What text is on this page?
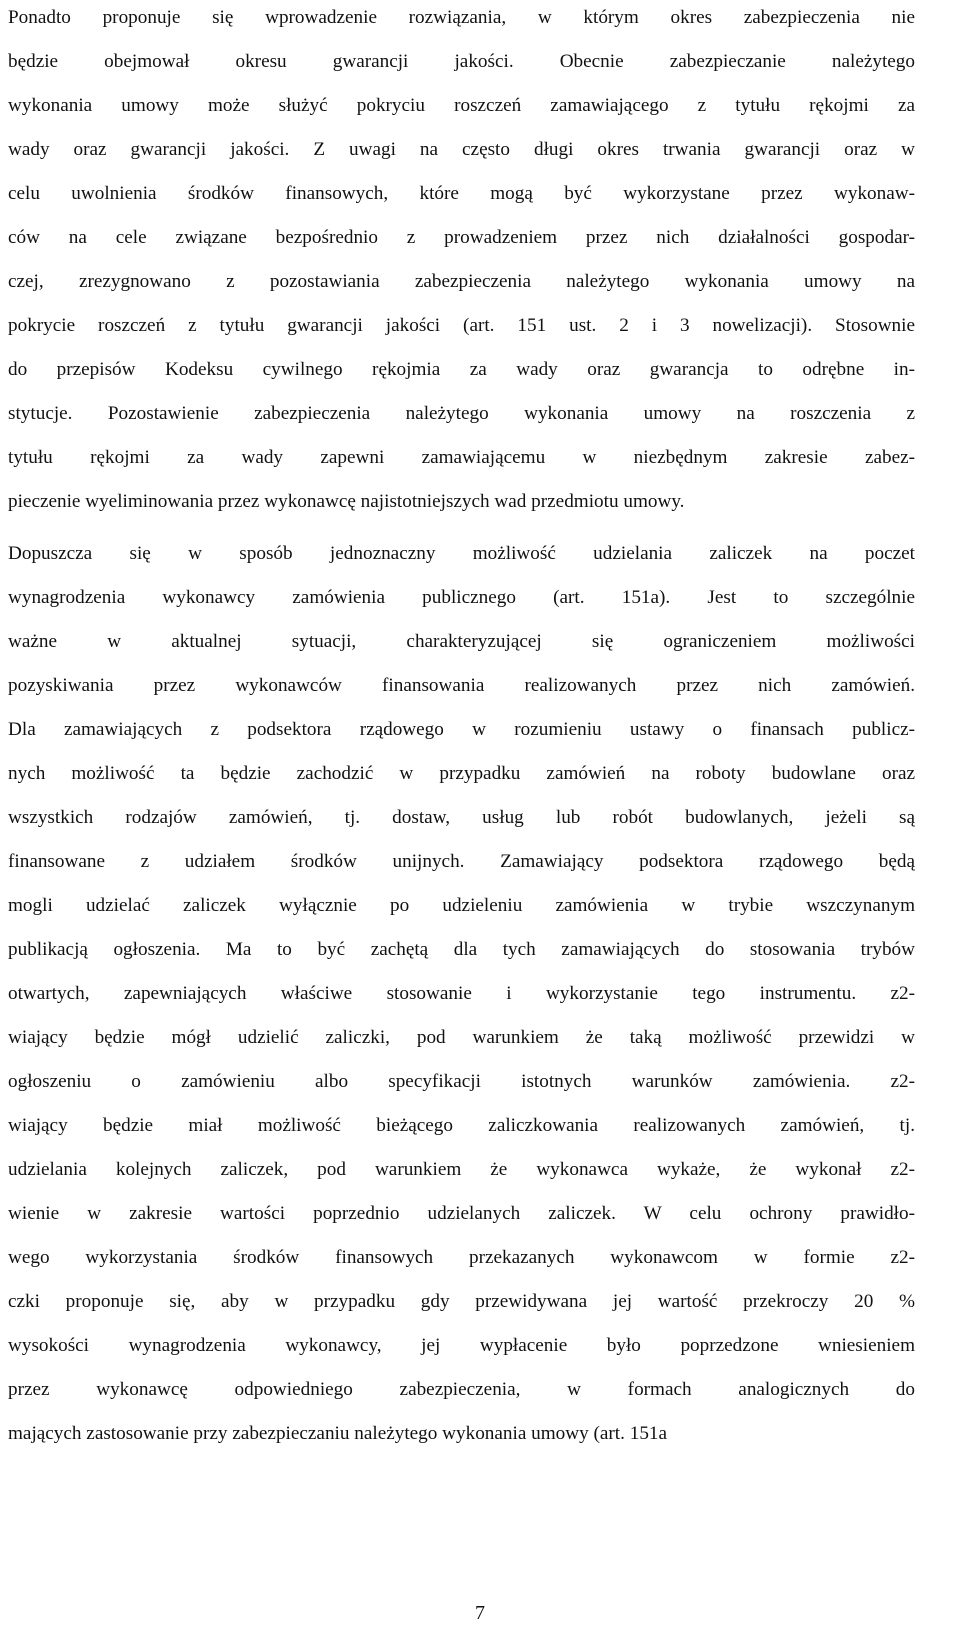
Ponadto proponuje się wprowadzenie rozwiązania, w którym okres zabezpieczenia nie
będzie obejmował okresu gwarancji jakości. Obecnie zabezpieczanie należytego
wykonania umowy może służyć pokryciu roszczeń zamawiającego z tytułu rękojmi za
wady oraz gwarancji jakości. Z uwagi na często długi okres trwania gwarancji oraz w
celu uwolnienia środków finansowych, które mogą być wykorzystane przez wykonaw-
ców na cele związane bezpośrednio z prowadzeniem przez nich działalności gospodar-
czej, zrezygnowano z pozostawiania zabezpieczenia należytego wykonania umowy na
pokrycie roszczeń z tytułu gwarancji jakości (art. 151 ust. 2 i 3 nowelizacji). Stosownie
do przepisów Kodeksu cywilnego rękojmia za wady oraz gwarancja to odrębne in-
stytucje. Pozostawienie zabezpieczenia należytego wykonania umowy na roszczenia z
tytułu rękojmi za wady zapewni zamawiającemu w niezbędnym zakresie zabez-
pieczenie wyeliminowania przez wykonawcę najistotniejszych wad przedmiotu umowy.
Dopuszcza się w sposób jednoznaczny możliwość udzielania zaliczek na poczet
wynagrodzenia wykonawcy zamówienia publicznego (art. 151a). Jest to szczególnie
ważne w aktualnej sytuacji, charakteryzującej się ograniczeniem możliwości
pozyskiwania przez wykonawców finansowania realizowanych przez nich zamówień.
Dla zamawiających z podsektora rządowego w rozumieniu ustawy o finansach publicz-
nych możliwość ta będzie zachodzić w przypadku zamówień na roboty budowlane oraz
wszystkich rodzajów zamówień, tj. dostaw, usług lub robót budowlanych, jeżeli są
finansowane z udziałem środków unijnych. Zamawiający podsektora rządowego będą
mogli udzielać zaliczek wyłącznie po udzieleniu zamówienia w trybie wszczynanym
publikacją ogłoszenia. Ma to być zachętą dla tych zamawiających do stosowania trybów
otwartych, zapewniających właściwe stosowanie i wykorzystanie tego instrumentu. z2-
wiający będzie mógł udzielić zaliczki, pod warunkiem że taką możliwość przewidzi w
ogłoszeniu o zamówieniu albo specyfikacji istotnych warunków zamówienia. z2-
wiający będzie miał możliwość bieżącego zaliczkowania realizowanych zamówień, tj.
udzielania kolejnych zaliczek, pod warunkiem że wykonawca wykaże, że wykonał z2-
wienie w zakresie wartości poprzednio udzielanych zaliczek. W celu ochrony prawidło-
wego wykorzystania środków finansowych przekazanych wykonawcom w formie z2-
czki proponuje się, aby w przypadku gdy przewidywana jej wartość przekroczy 20 %
wysokości wynagrodzenia wykonawcy, jej wypłacenie było poprzedzone wniesieniem
przez wykonawcę odpowiedniego zabezpieczenia, w formach analogicznych do
mających zastosowanie przy zabezpieczaniu należytego wykonania umowy (art. 151a
7
